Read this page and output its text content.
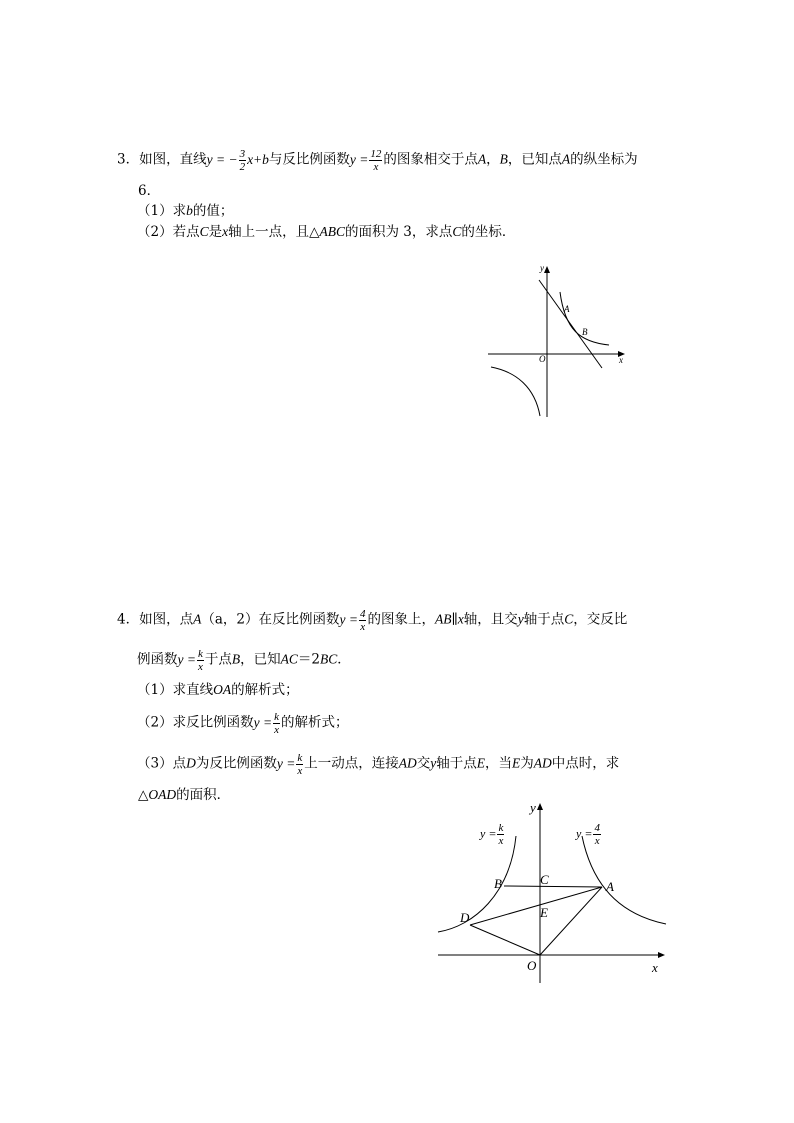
3．如图，直线y = − $\frac{3}{2} x+b$与反比例函数$y = \frac{12}{x}$ 的图象相交于点A，B，已知点A的纵坐标为
6．
（1）求b的值；
（2）若点C是x轴上一点，且△ABC的面积为 3，求点C的坐标．
y
x
O
A
B
4．如图，点A（a，2）在反比例函数$y = \frac{4}{x}$ 的图象上，AB∥x轴，且交y轴于点C，交反比
例函数$y = \frac{k}{x}$ 于点B，已知AC＝2BC．
（1）求直线OA的解析式；
（2）求反比例函数$y = \frac{k}{x}$ 的解析式；
（3）点D为反比例函数$y = \frac{k}{x}$ 上一动点，连接AD交y轴于点E，当E为AD中点时，求
△OAD的面积．
$y = \frac{k}{x}$	$y = \frac{4}{x}$
y
x
O
A
B	C
D	E
